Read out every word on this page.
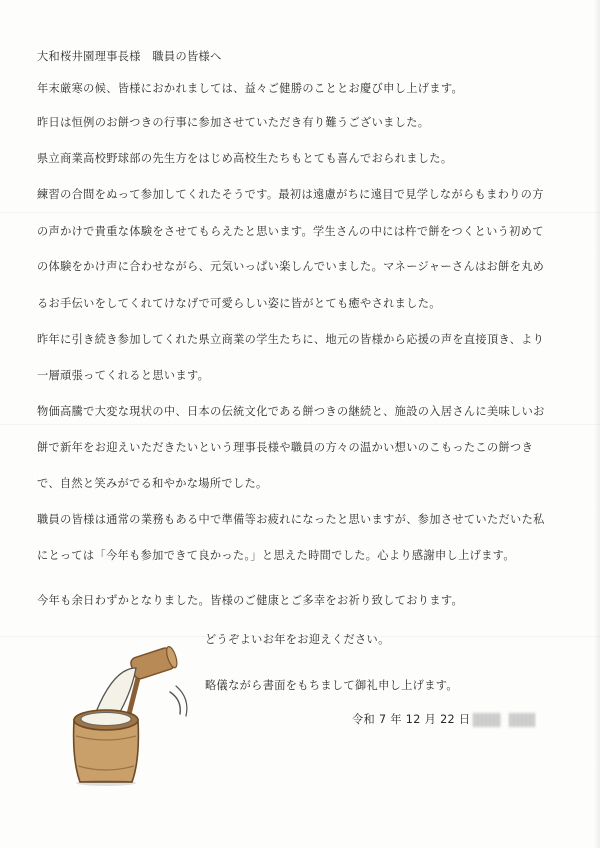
大和桜井園理事長様　職員の皆様へ
年末厳寒の候、皆様におかれましては、益々ご健勝のこととお慶び申し上げます。
昨日は恒例のお餅つきの行事に参加させていただき有り難うございました。
県立商業高校野球部の先生方をはじめ高校生たちもとても喜んでおられました。
練習の合間をぬって参加してくれたそうです。最初は遠慮がちに遠目で見学しながらもまわりの方
の声かけで貴重な体験をさせてもらえたと思います。学生さんの中には杵で餅をつくという初めて
の体験をかけ声に合わせながら、元気いっぱい楽しんでいました。マネージャーさんはお餅を丸め
るお手伝いをしてくれてけなげで可愛らしい姿に皆がとても癒やされました。
昨年に引き続き参加してくれた県立商業の学生たちに、地元の皆様から応援の声を直接頂き、より
一層頑張ってくれると思います。
物価高騰で大変な現状の中、日本の伝統文化である餅つきの継続と、施設の入居さんに美味しいお
餅で新年をお迎えいただきたいという理事長様や職員の方々の温かい想いのこもったこの餅つき
で、自然と笑みがでる和やかな場所でした。
職員の皆様は通常の業務もある中で準備等お疲れになったと思いますが、参加させていただいた私
にとっては「今年も参加できて良かった。」と思えた時間でした。心より感謝申し上げます。
今年も余日わずかとなりました。皆様のご健康とご多幸をお祈り致しております。
どうぞよいお年をお迎えください。
略儀ながら書面をもちまして御礼申し上げます。
令和 7 年 12 月 22 日
